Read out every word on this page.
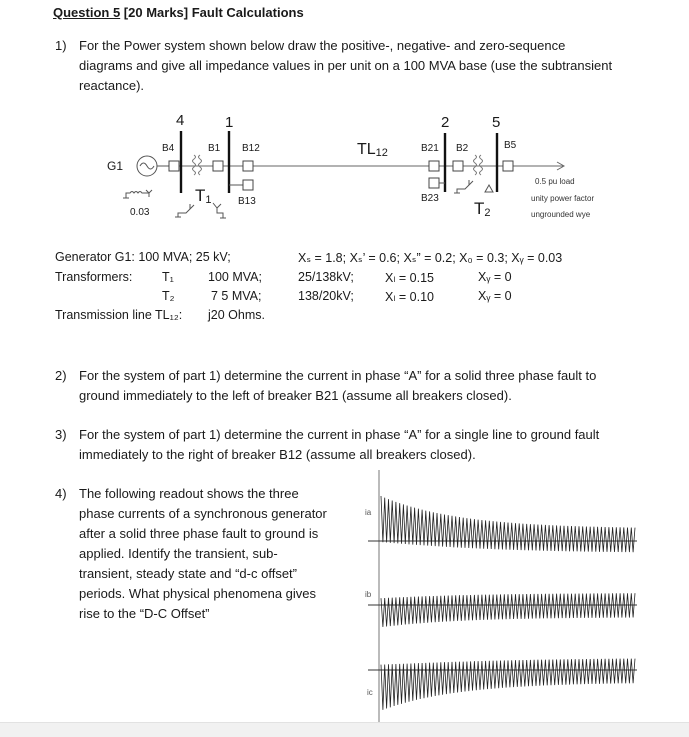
Question 5 [20 Marks] Fault Calculations
1) For the Power system shown below draw the positive-, negative- and zero-sequence
diagrams and give all impedance values in per unit on a 100 MVA base (use the subtransient
reactance).
G1
0.03
4	1	2	5
B4	B1 B12
B13
B21 B2
B23
B5
$T_1$	$T_2$
$TL_{12}$
0.5 pu load
unity power factor
ungrounded wye
Generator G1: 100 MVA; 25 kV;	Xₛ = 1.8; Xₛ’ = 0.6; Xₛ” = 0.2; X₀ = 0.3; Xᵧ = 0.03
Transformers: T₁	100 MVA;	25/138kV; Xₗ = 0.15	Xᵧ = 0
T₂	7 5 MVA;	138/20kV; Xₗ = 0.10	Xᵧ = 0
Transmission line TL₁₂: j20 Ohms.
2) For the system of part 1) determine the current in phase “A” for a solid three phase fault to
ground immediately to the left of breaker B21 (assume all breakers closed).
3) For the system of part 1) determine the current in phase “A” for a single line to ground fault
immediately to the right of breaker B12 (assume all breakers closed).
4) The following readout shows the three
phase currents of a synchronous generator
after a solid three phase fault to ground is
applied. Identify the transient, sub-
transient, steady state and “d-c offset”
periods. What physical phenomena gives
rise to the “D-C Offset”
ia
ib
ic
